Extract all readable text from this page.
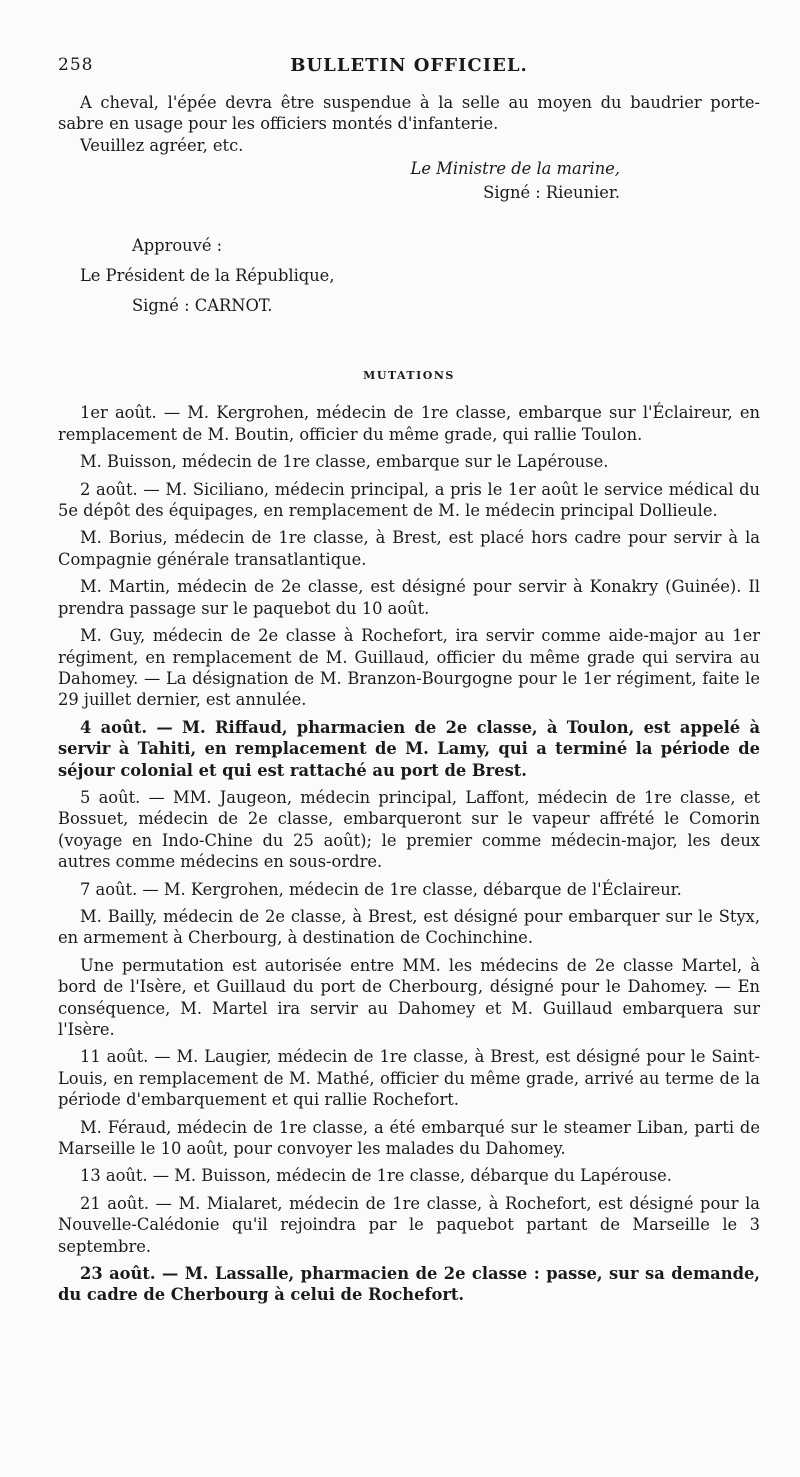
258	BULLETIN OFFICIEL.

A cheval, l'épée devra être suspendue à la selle au moyen du baudrier porte-sabre en usage pour les officiers montés d'infanterie.

Veuillez agréer, etc.

Le Ministre de la marine,
Signé : Rieunier.
Approuvé :
Le Président de la République,
Signé : CARNOT.
MUTATIONS

1er août. — M. Kergrohen, médecin de 1re classe, embarque sur l'Éclaireur, en remplacement de M. Boutin, officier du même grade, qui rallie Toulon.

M. Buisson, médecin de 1re classe, embarque sur le Lapérouse.

2 août. — M. Siciliano, médecin principal, a pris le 1er août le service médical du 5e dépôt des équipages, en remplacement de M. le médecin principal Dollieule.

M. Borius, médecin de 1re classe, à Brest, est placé hors cadre pour servir à la Compagnie générale transatlantique.

M. Martin, médecin de 2e classe, est désigné pour servir à Konakry (Guinée). Il prendra passage sur le paquebot du 10 août.

M. Guy, médecin de 2e classe à Rochefort, ira servir comme aide-major au 1er régiment, en remplacement de M. Guillaud, officier du même grade qui servira au Dahomey. — La désignation de M. Branzon-Bourgogne pour le 1er régiment, faite le 29 juillet dernier, est annulée.

4 août. — M. Riffaud, pharmacien de 2e classe, à Toulon, est appelé à servir à Tahiti, en remplacement de M. Lamy, qui a terminé la période de séjour colonial et qui est rattaché au port de Brest.

5 août. — MM. Jaugeon, médecin principal, Laffont, médecin de 1re classe, et Bossuet, médecin de 2e classe, embarqueront sur le vapeur affrété le Comorin (voyage en Indo-Chine du 25 août); le premier comme médecin-major, les deux autres comme médecins en sous-ordre.

7 août. — M. Kergrohen, médecin de 1re classe, débarque de l'Éclaireur.

M. Bailly, médecin de 2e classe, à Brest, est désigné pour embarquer sur le Styx, en armement à Cherbourg, à destination de Cochinchine.

Une permutation est autorisée entre MM. les médecins de 2e classe Martel, à bord de l'Isère, et Guillaud du port de Cherbourg, désigné pour le Dahomey. — En conséquence, M. Martel ira servir au Dahomey et M. Guillaud embarquera sur l'Isère.

11 août. — M. Laugier, médecin de 1re classe, à Brest, est désigné pour le Saint-Louis, en remplacement de M. Mathé, officier du même grade, arrivé au terme de la période d'embarquement et qui rallie Rochefort.

M. Féraud, médecin de 1re classe, a été embarqué sur le steamer Liban, parti de Marseille le 10 août, pour convoyer les malades du Dahomey.

13 août. — M. Buisson, médecin de 1re classe, débarque du Lapérouse.

21 août. — M. Mialaret, médecin de 1re classe, à Rochefort, est désigné pour la Nouvelle-Calédonie qu'il rejoindra par le paquebot partant de Marseille le 3 septembre.

23 août. — M. Lassalle, pharmacien de 2e classe : passe, sur sa demande, du cadre de Cherbourg à celui de Rochefort.
